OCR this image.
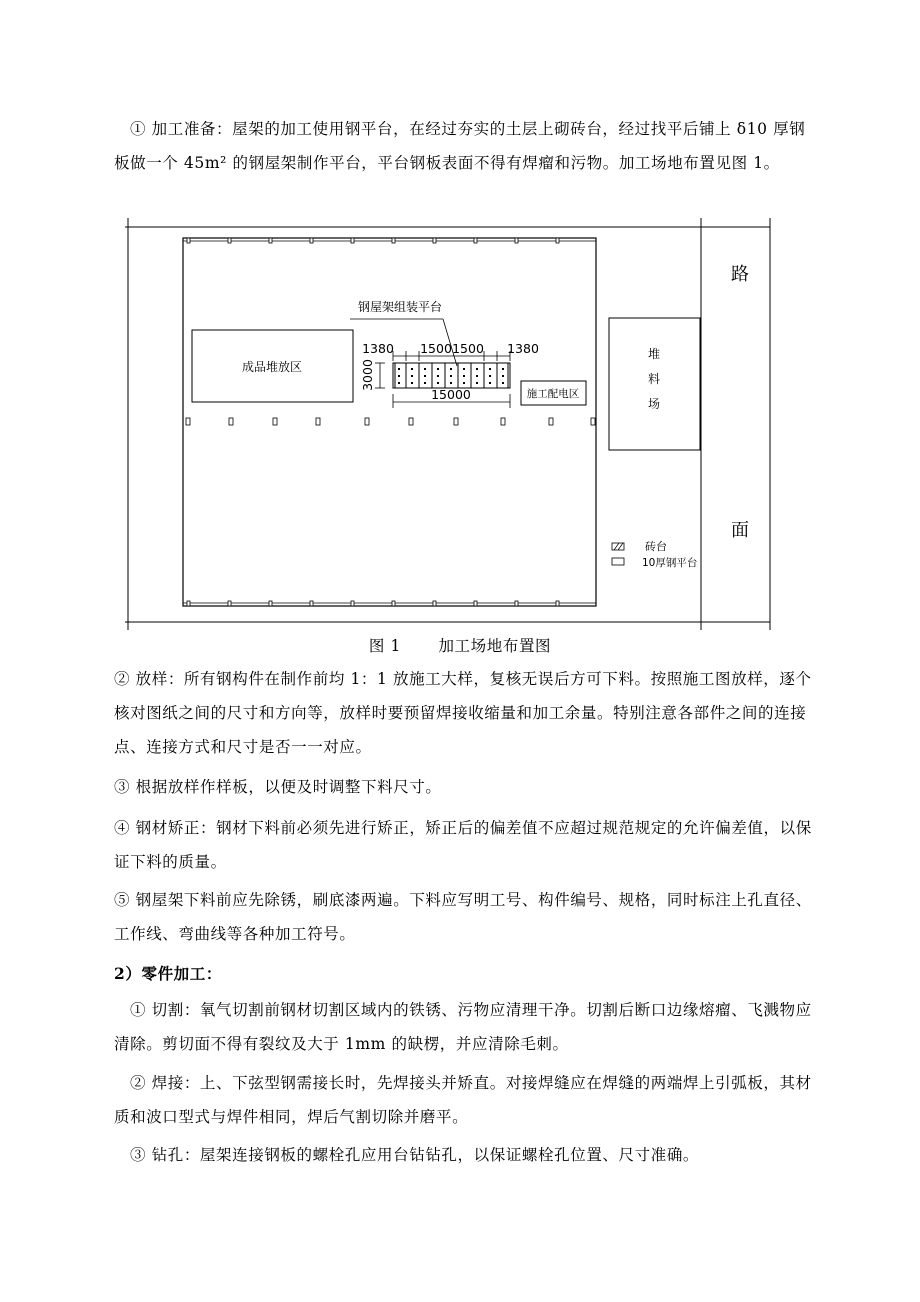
① 加工准备：屋架的加工使用钢平台，在经过夯实的土层上砌砖台，经过找平后铺上 δ10 厚钢板做一个 45m² 的钢屋架制作平台，平台钢板表面不得有焊瘤和污物。加工场地布置见图 1。

成品堆放区
堆
料
场
路
面
钢屋架组装平台
1380 1500 1500 1380
3000
15000	施工配电区
砖台
10厚钢平台
图 1 加工场地布置图

② 放样：所有钢构件在制作前均 1：1 放施工大样，复核无误后方可下料。按照施工图放样，逐个核对图纸之间的尺寸和方向等，放样时要预留焊接收缩量和加工余量。特别注意各部件之间的连接点、连接方式和尺寸是否一一对应。

③ 根据放样作样板，以便及时调整下料尺寸。

④ 钢材矫正：钢材下料前必须先进行矫正，矫正后的偏差值不应超过规范规定的允许偏差值，以保证下料的质量。

⑤ 钢屋架下料前应先除锈，刷底漆两遍。下料应写明工号、构件编号、规格，同时标注上孔直径、工作线、弯曲线等各种加工符号。

2）零件加工：

① 切割：氧气切割前钢材切割区域内的铁锈、污物应清理干净。切割后断口边缘熔瘤、飞溅物应清除。剪切面不得有裂纹及大于 1mm 的缺楞，并应清除毛刺。

② 焊接：上、下弦型钢需接长时，先焊接头并矫直。对接焊缝应在焊缝的两端焊上引弧板，其材质和波口型式与焊件相同，焊后气割切除并磨平。

③ 钻孔：屋架连接钢板的螺栓孔应用台钻钻孔，以保证螺栓孔位置、尺寸准确。
